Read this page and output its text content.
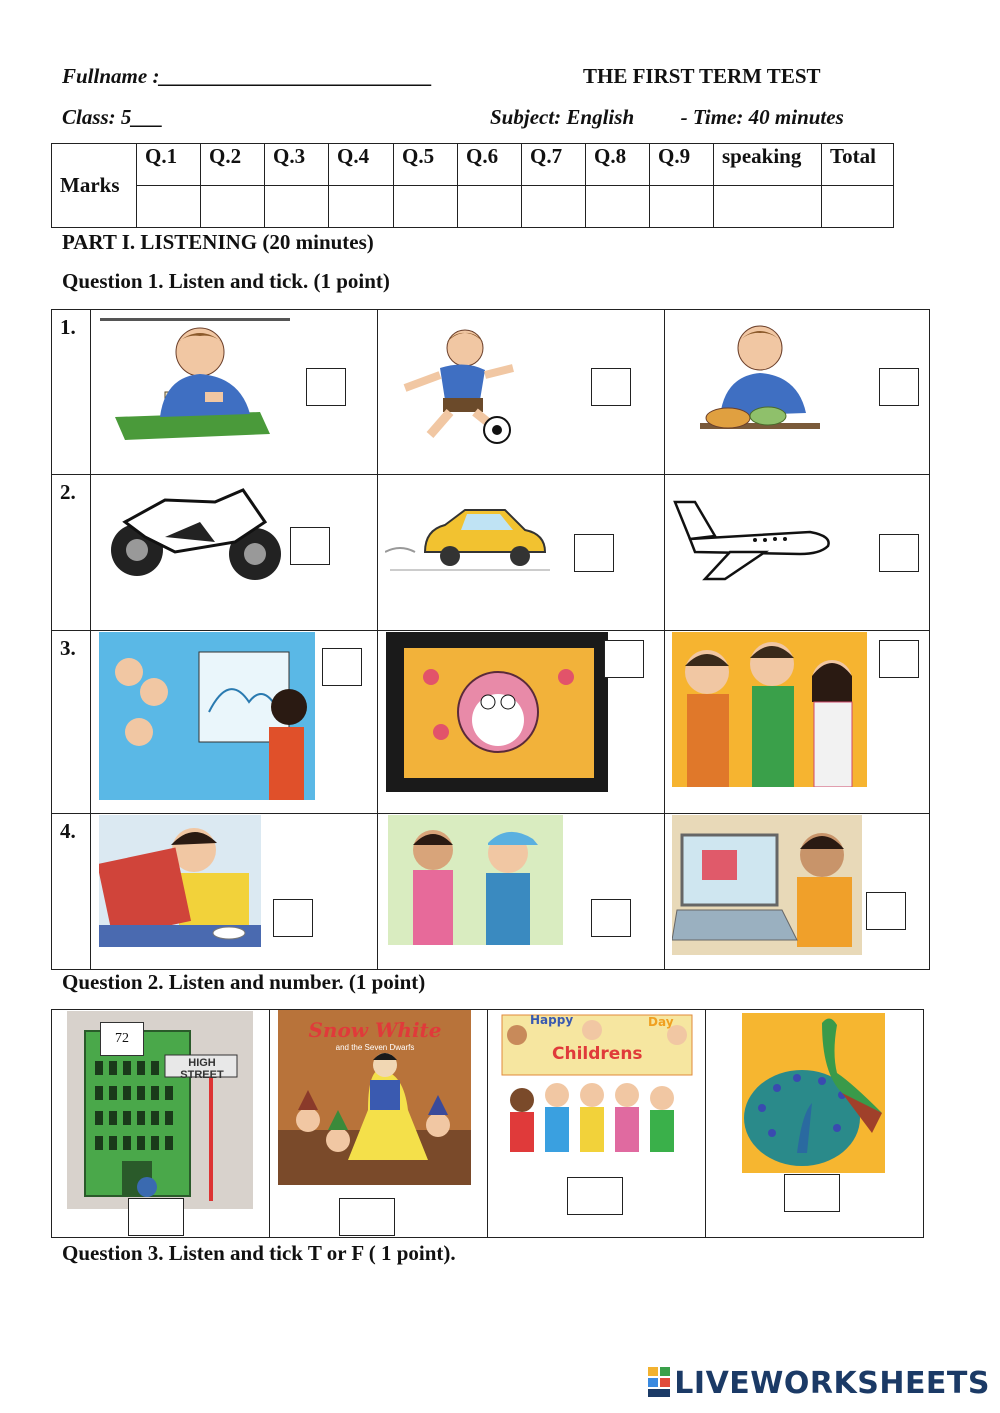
Fullname :__________________________	THE FIRST TERM TEST
Class: 5___	Subject: English - Time: 40 minutes
Marks	Q.1	Q.2	Q.3	Q.4	Q.5	Q.6	Q.7	Q.8	Q.9	speaking	Total

PART I. LISTENING (20 minutes)
Question 1. Listen and tick. (1 point)
1.
2.
3.
4.
Question 2. Listen and number. (1 point)
72
HIGH STREET
Snow White
and the Seven Dwarfs
Happy	Day
Childrens
Question 3. Listen and tick T or F ( 1 point).
LIVEWORKSHEETS
